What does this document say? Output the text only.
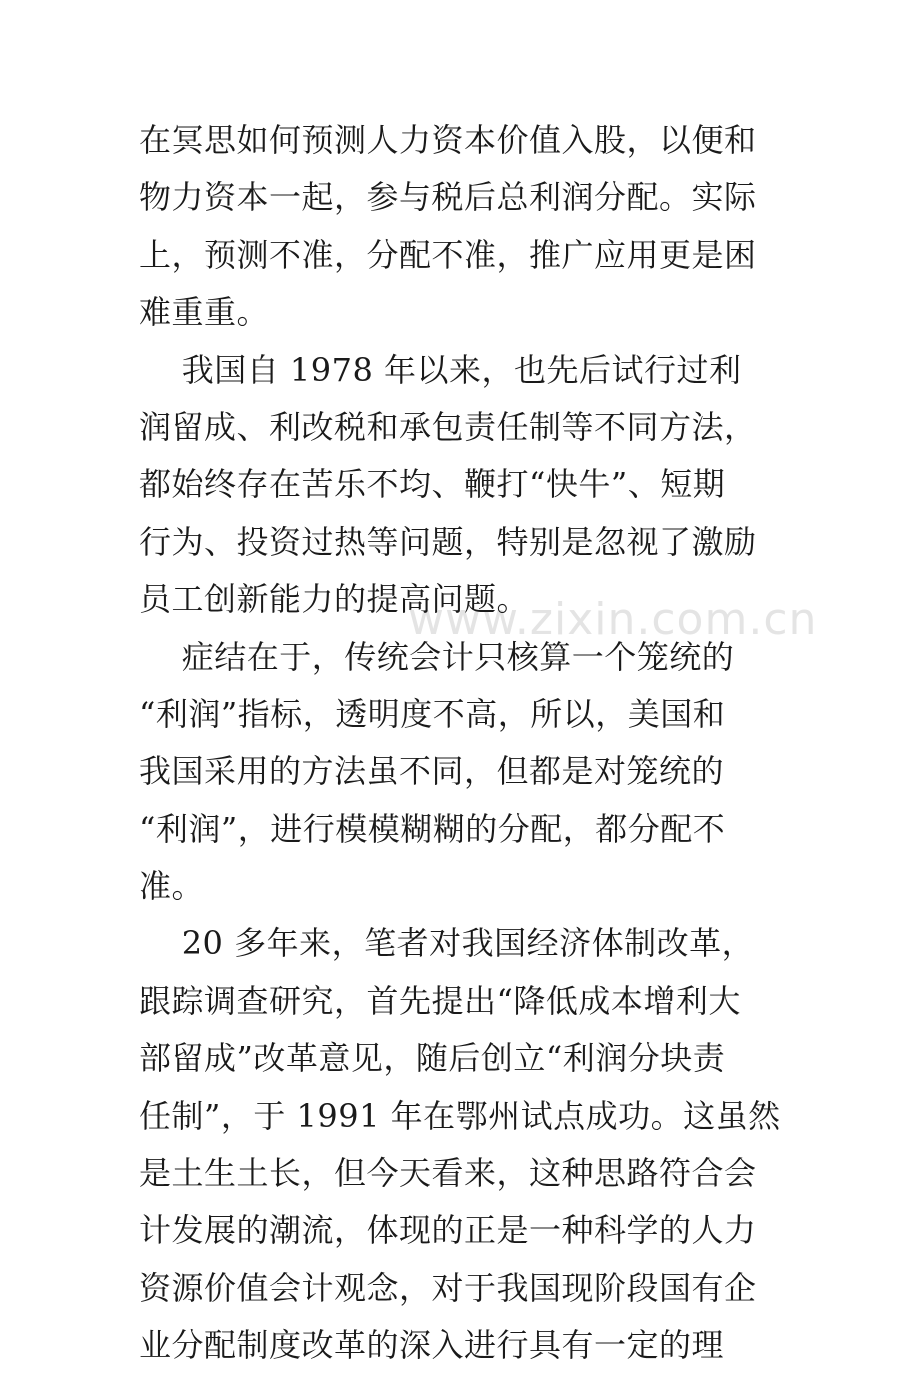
www.zixin.com.cn
在冥思如何预测人力资本价值入股，以便和
物力资本一起，参与税后总利润分配。实际
上，预测不准，分配不准，推广应用更是困
难重重。
我国自 1978 年以来，也先后试行过利
润留成、利改税和承包责任制等不同方法，
都始终存在苦乐不均、鞭打“快牛”、短期
行为、投资过热等问题，特别是忽视了激励
员工创新能力的提高问题。
症结在于，传统会计只核算一个笼统的
“利润”指标，透明度不高，所以，美国和
我国采用的方法虽不同，但都是对笼统的
“利润”，进行模模糊糊的分配，都分配不
准。
20 多年来，笔者对我国经济体制改革，
跟踪调查研究，首先提出“降低成本增利大
部留成”改革意见，随后创立“利润分块责
任制”，于 1991 年在鄂州试点成功。这虽然
是土生土长，但今天看来，这种思路符合会
计发展的潮流，体现的正是一种科学的人力
资源价值会计观念，对于我国现阶段国有企
业分配制度改革的深入进行具有一定的理
